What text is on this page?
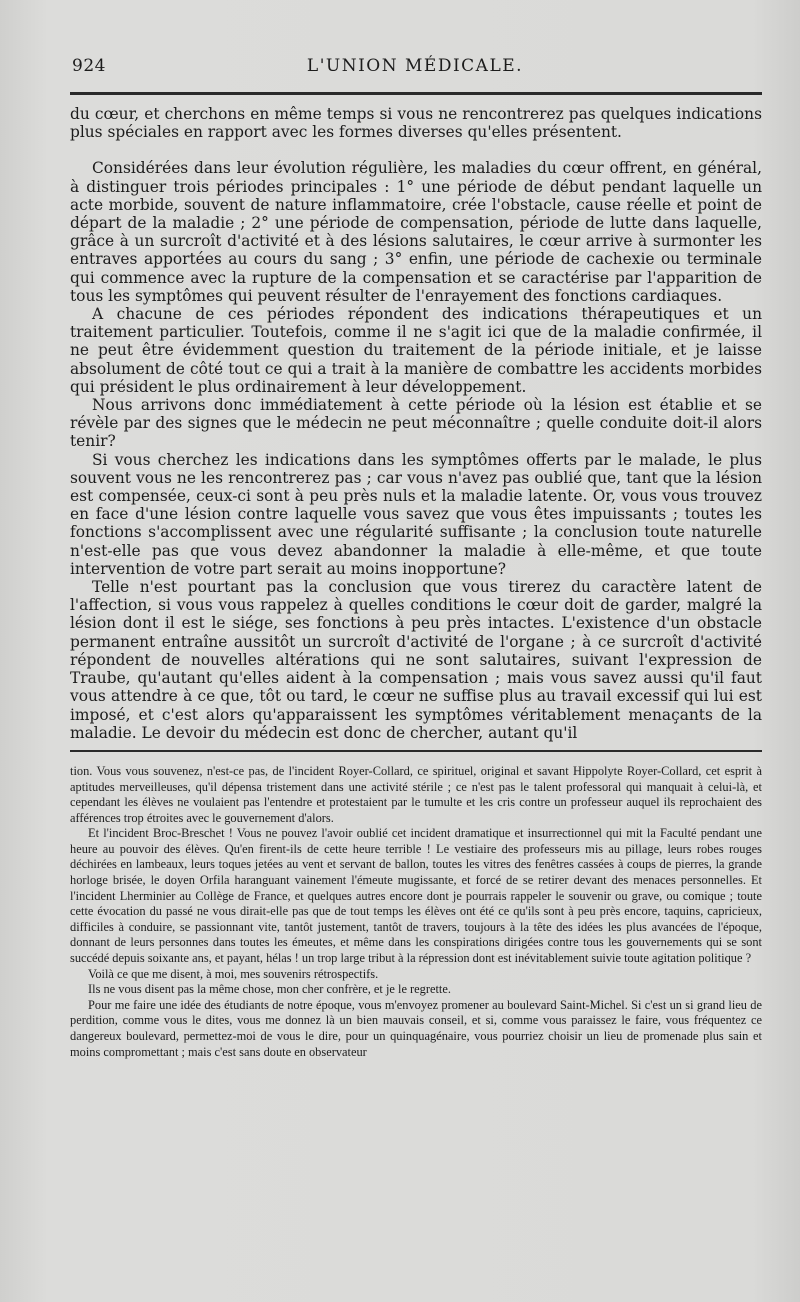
924	L'UNION MÉDICALE.

du cœur, et cherchons en même temps si vous ne rencontrerez pas quelques indications plus spéciales en rapport avec les formes diverses qu'elles présentent.

Considérées dans leur évolution régulière, les maladies du cœur offrent, en général, à distinguer trois périodes principales : 1° une période de début pendant laquelle un acte morbide, souvent de nature inflammatoire, crée l'obstacle, cause réelle et point de départ de la maladie ; 2° une période de compensation, période de lutte dans laquelle, grâce à un surcroît d'activité et à des lésions salutaires, le cœur arrive à surmonter les entraves apportées au cours du sang ; 3° enfin, une période de cachexie ou terminale qui commence avec la rupture de la compensation et se caractérise par l'apparition de tous les symptômes qui peuvent résulter de l'enrayement des fonctions cardiaques.

A chacune de ces périodes répondent des indications thérapeutiques et un traitement particulier. Toutefois, comme il ne s'agit ici que de la maladie confirmée, il ne peut être évidemment question du traitement de la période initiale, et je laisse absolument de côté tout ce qui a trait à la manière de combattre les accidents morbides qui président le plus ordinairement à leur développement.

Nous arrivons donc immédiatement à cette période où la lésion est établie et se révèle par des signes que le médecin ne peut méconnaître ; quelle conduite doit-il alors tenir?

Si vous cherchez les indications dans les symptômes offerts par le malade, le plus souvent vous ne les rencontrerez pas ; car vous n'avez pas oublié que, tant que la lésion est compensée, ceux-ci sont à peu près nuls et la maladie latente. Or, vous vous trouvez en face d'une lésion contre laquelle vous savez que vous êtes impuissants ; toutes les fonctions s'accomplissent avec une régularité suffisante ; la conclusion toute naturelle n'est-elle pas que vous devez abandonner la maladie à elle-même, et que toute intervention de votre part serait au moins inopportune?

Telle n'est pourtant pas la conclusion que vous tirerez du caractère latent de l'affection, si vous vous rappelez à quelles conditions le cœur doit de garder, malgré la lésion dont il est le siége, ses fonctions à peu près intactes. L'existence d'un obstacle permanent entraîne aussitôt un surcroît d'activité de l'organe ; à ce surcroît d'activité répondent de nouvelles altérations qui ne sont salutaires, suivant l'expression de Traube, qu'autant qu'elles aident à la compensation ; mais vous savez aussi qu'il faut vous attendre à ce que, tôt ou tard, le cœur ne suffise plus au travail excessif qui lui est imposé, et c'est alors qu'apparaissent les symptômes véritablement menaçants de la maladie. Le devoir du médecin est donc de chercher, autant qu'il

tion. Vous vous souvenez, n'est-ce pas, de l'incident Royer-Collard, ce spirituel, original et savant Hippolyte Royer-Collard, cet esprit à aptitudes merveilleuses, qu'il dépensa tristement dans une activité stérile ; ce n'est pas le talent professoral qui manquait à celui-là, et cependant les élèves ne voulaient pas l'entendre et protestaient par le tumulte et les cris contre un professeur auquel ils reprochaient des afférences trop étroites avec le gouvernement d'alors.

Et l'incident Broc-Breschet ! Vous ne pouvez l'avoir oublié cet incident dramatique et insurrectionnel qui mit la Faculté pendant une heure au pouvoir des élèves. Qu'en firent-ils de cette heure terrible ! Le vestiaire des professeurs mis au pillage, leurs robes rouges déchirées en lambeaux, leurs toques jetées au vent et servant de ballon, toutes les vitres des fenêtres cassées à coups de pierres, la grande horloge brisée, le doyen Orfila haranguant vainement l'émeute mugissante, et forcé de se retirer devant des menaces personnelles. Et l'incident Lherminier au Collège de France, et quelques autres encore dont je pourrais rappeler le souvenir ou grave, ou comique ; toute cette évocation du passé ne vous dirait-elle pas que de tout temps les élèves ont été ce qu'ils sont à peu près encore, taquins, capricieux, difficiles à conduire, se passionnant vite, tantôt justement, tantôt de travers, toujours à la tête des idées les plus avancées de l'époque, donnant de leurs personnes dans toutes les émeutes, et même dans les conspirations dirigées contre tous les gouvernements qui se sont succédé depuis soixante ans, et payant, hélas ! un trop large tribut à la répression dont est inévitablement suivie toute agitation politique ?

Voilà ce que me disent, à moi, mes souvenirs rétrospectifs.

Ils ne vous disent pas la même chose, mon cher confrère, et je le regrette.

Pour me faire une idée des étudiants de notre époque, vous m'envoyez promener au boulevard Saint-Michel. Si c'est un si grand lieu de perdition, comme vous le dites, vous me donnez là un bien mauvais conseil, et si, comme vous paraissez le faire, vous fréquentez ce dangereux boulevard, permettez-moi de vous le dire, pour un quinquagénaire, vous pourriez choisir un lieu de promenade plus sain et moins compromettant ; mais c'est sans doute en observateur
